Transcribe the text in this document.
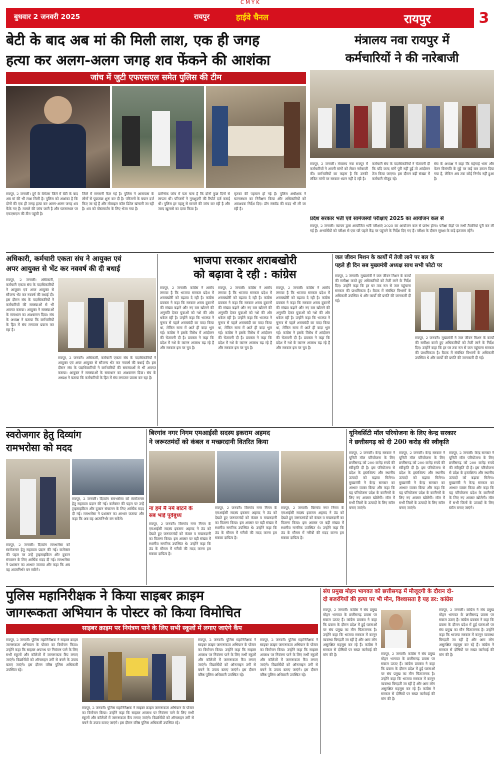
C M Y K
बुधवार 2 जनवरी 2025	रायपुर	हाईवे चैनल	रायपुर	3
बेटी के बाद अब मां की मिली लाश, एक ही जगह
हत्या कर अलग-अलग जगह शव फेंकने की आशंका
जांच में जुटी एफएसएल समेत पुलिस की टीम
रायपुर, 2 जनवरी। दुर्ग के बेमेतरा जिले में बेटी के बाद अब मां की भी लाश मिली है। पुलिस को आशंका है कि दोनों की एक ही जगह हत्या कर अलग-अलग जगह शव फेंके गए हैं। मामले की जांच जारी है और घटनास्थल पर एफएसएल की टीम पहुंची है।
जिले में सनसनी फैल गई है। पुलिस ने आसपास के लोगों से पूछताछ शुरू कर दी है। परिजनों के बयान दर्ज किए जा रहे हैं और मोबाइल कॉल डिटेल खंगाली जा रही है। शव को पोस्टमार्टम के लिए भेजा गया है।
प्रारंभिक जांच में पता चला है कि दोनों कुछ दिनों से लापता थीं। परिजनों ने गुमशुदगी की रिपोर्ट दर्ज कराई थी। पुलिस हर पहलू से मामले की जांच कर रही है और जल्द खुलासे का दावा किया है।
मृतका की पहचान हो गई है। पुलिस अधीक्षक ने घटनास्थल का निरीक्षण किया और अधिकारियों को आवश्यक निर्देश दिए। डॉग स्क्वॉड की मदद भी ली जा रही है।
मंत्रालय नवा रायपुर में
कर्मचारियों ने की नारेबाजी
रायपुर, 2 जनवरी। मंत्रालय नवा रायपुर में कर्मचारियों ने अपनी मांगों को लेकर नारेबाजी की। कर्मचारियों का कहना है कि उनकी लंबित मांगों पर सरकार ध्यान नहीं दे रही है।
कर्मचारी संघ के पदाधिकारियों ने चेतावनी दी कि यदि जल्द मांगें पूरी नहीं हुईं तो आंदोलन तेज किया जाएगा। इस दौरान बड़ी संख्या में कर्मचारी मौजूद रहे।
संघ के अध्यक्ष ने कहा कि महंगाई भत्ता और वेतन विसंगति के मुद्दे पर कई बार ज्ञापन दिया गया है, लेकिन अब तक कोई निर्णय नहीं हुआ है।
प्रदेश सरकार भर्ती एवं सामंजस्यों परीक्षाएं 2025 का आयोजन कल से
रायपुर, 2 जनवरी। व्यापम द्वारा आयोजित भर्ती परीक्षाएं 2025 का आयोजन कल से प्रारंभ होगा। परीक्षा केंद्रों पर सभी तैयारियां पूरी कर ली गई हैं। अभ्यर्थियों को परीक्षा से एक घंटे पहले केंद्र पर पहुंचने के निर्देश दिए गए हैं। परीक्षा के दौरान सुरक्षा के कड़े इंतजाम रहेंगे।
अधिकारी, कर्मचारी एकता संघ ने आयुक्त एवं
अपर आयुक्त से भेंट कर नववर्ष की दी बधाई
रायपुर, 2 जनवरी। अधिकारी, कर्मचारी एकता संघ के पदाधिकारियों ने आयुक्त एवं अपर आयुक्त से सौजन्य भेंट कर नववर्ष की बधाई दी। इस दौरान संघ के पदाधिकारियों ने कर्मचारियों की समस्याओं से भी अवगत कराया। आयुक्त ने समस्याओं के समाधान का आश्वासन दिया। संघ के अध्यक्ष ने बताया कि कर्मचारियों के हित में संघ लगातार प्रयास कर रहा है।
रायपुर, 2 जनवरी। अधिकारी, कर्मचारी एकता संघ के पदाधिकारियों ने आयुक्त एवं अपर आयुक्त से सौजन्य भेंट कर नववर्ष की बधाई दी। इस दौरान संघ के पदाधिकारियों ने कर्मचारियों की समस्याओं से भी अवगत कराया। आयुक्त ने समस्याओं के समाधान का आश्वासन दिया। संघ के अध्यक्ष ने बताया कि कर्मचारियों के हित में संघ लगातार प्रयास कर रहा है।
भाजपा सरकार शराबखोरी
को बढ़ावा दे रही : कांग्रेस
रायपुर, 2 जनवरी। कांग्रेस ने आरोप लगाया है कि भाजपा सरकार प्रदेश में शराबखोरी को बढ़ावा दे रही है। कांग्रेस प्रवक्ता ने कहा कि सरकार शराब दुकानों की संख्या बढ़ाने और नए बार खोलने की अनुमति देकर युवाओं को नशे की ओर धकेल रही है। उन्होंने कहा कि भाजपा ने चुनाव से पहले शराबबंदी का वादा किया था, लेकिन सत्ता में आते ही वादा भूल गई। कांग्रेस ने इसके विरोध में आंदोलन की चेतावनी दी है। प्रवक्ता ने कहा कि प्रदेश में नशे के कारण अपराध बढ़ रहे हैं और सरकार इस पर चुप है।
रायपुर, 2 जनवरी। कांग्रेस ने आरोप लगाया है कि भाजपा सरकार प्रदेश में शराबखोरी को बढ़ावा दे रही है। कांग्रेस प्रवक्ता ने कहा कि सरकार शराब दुकानों की संख्या बढ़ाने और नए बार खोलने की अनुमति देकर युवाओं को नशे की ओर धकेल रही है। उन्होंने कहा कि भाजपा ने चुनाव से पहले शराबबंदी का वादा किया था, लेकिन सत्ता में आते ही वादा भूल गई। कांग्रेस ने इसके विरोध में आंदोलन की चेतावनी दी है। प्रवक्ता ने कहा कि प्रदेश में नशे के कारण अपराध बढ़ रहे हैं और सरकार इस पर चुप है।
रायपुर, 2 जनवरी। कांग्रेस ने आरोप लगाया है कि भाजपा सरकार प्रदेश में शराबखोरी को बढ़ावा दे रही है। कांग्रेस प्रवक्ता ने कहा कि सरकार शराब दुकानों की संख्या बढ़ाने और नए बार खोलने की अनुमति देकर युवाओं को नशे की ओर धकेल रही है। उन्होंने कहा कि भाजपा ने चुनाव से पहले शराबबंदी का वादा किया था, लेकिन सत्ता में आते ही वादा भूल गई। कांग्रेस ने इसके विरोध में आंदोलन की चेतावनी दी है। प्रवक्ता ने कहा कि प्रदेश में नशे के कारण अपराध बढ़ रहे हैं और सरकार इस पर चुप है।
जल जीवन मिशन के कार्यों में तेजी लाने पर बल के
पहले ही दिन सब मुख्यमंत्री अध्यक्ष साथ सभी फोटो पर
रायपुर, 2 जनवरी। मुख्यमंत्री ने जल जीवन मिशन के कार्यों की समीक्षा करते हुए अधिकारियों को तेजी लाने के निर्देश दिए। उन्होंने कहा कि हर घर तक नल से जल पहुंचाना सरकार की प्राथमिकता है। बैठक में संबंधित विभागों के अधिकारी उपस्थित थे और कार्यों की प्रगति की जानकारी दी गई।
रायपुर, 2 जनवरी। मुख्यमंत्री ने जल जीवन मिशन के कार्यों की समीक्षा करते हुए अधिकारियों को तेजी लाने के निर्देश दिए। उन्होंने कहा कि हर घर तक नल से जल पहुंचाना सरकार की प्राथमिकता है। बैठक में संबंधित विभागों के अधिकारी उपस्थित थे और कार्यों की प्रगति की जानकारी दी गई।
स्वरोजगार हेतु दिव्यांग
रामभरोसा को मदद
रायपुर, 2 जनवरी। दिव्यांग रामभरोसा को स्वरोजगार हेतु सहायता प्रदान की गई। कलेक्टर की पहल पर उन्हें ट्राइसाइकिल और दुकान संचालन के लिए आर्थिक मदद दी गई। रामभरोसा ने प्रशासन का आभार जताया और कहा कि अब वह आत्मनिर्भर बन सकेंगे।
रायपुर, 2 जनवरी। दिव्यांग रामभरोसा को स्वरोजगार हेतु सहायता प्रदान की गई। कलेक्टर की पहल पर उन्हें ट्राइसाइकिल और दुकान संचालन के लिए आर्थिक मदद दी गई। रामभरोसा ने प्रशासन का आभार जताया और कहा कि अब वह आत्मनिर्भर बन सकेंगे।
बिरगांव नगर निगम एमआईसी सदस्य इकराम अहमद
ने जरूरतमंदों को कंबल व मच्छरदानी वितरित किया
ना हमें मैं नमें बांटने के
सब भाई पूर्वबुध्य
रायपुर, 2 जनवरी। बिरगांव नगर निगम के एमआईसी सदस्य इकराम अहमद ने ठंड को देखते हुए जरूरतमंदों को कंबल व मच्छरदानी का वितरण किया। इस अवसर पर बड़ी संख्या में स्थानीय नागरिक उपस्थित थे। उन्होंने कहा कि ठंड के मौसम में गरीबों की मदद करना हम सबका दायित्व है।
रायपुर, 2 जनवरी। बिरगांव नगर निगम के एमआईसी सदस्य इकराम अहमद ने ठंड को देखते हुए जरूरतमंदों को कंबल व मच्छरदानी का वितरण किया। इस अवसर पर बड़ी संख्या में स्थानीय नागरिक उपस्थित थे। उन्होंने कहा कि ठंड के मौसम में गरीबों की मदद करना हम सबका दायित्व है।
रायपुर, 2 जनवरी। बिरगांव नगर निगम के एमआईसी सदस्य इकराम अहमद ने ठंड को देखते हुए जरूरतमंदों को कंबल व मच्छरदानी का वितरण किया। इस अवसर पर बड़ी संख्या में स्थानीय नागरिक उपस्थित थे। उन्होंने कहा कि ठंड के मौसम में गरीबों की मदद करना हम सबका दायित्व है।
यूनिवर्सिटी मॉल परियोजना के लिए केन्द्र सरकार
ने छत्तीसगढ़ को दी 200 करोड़ की स्वीकृति
रायपुर, 2 जनवरी। केन्द्र सरकार ने यूनिटी मॉल परियोजना के लिए छत्तीसगढ़ को 200 करोड़ रुपये की स्वीकृति दी है। इस परियोजना से प्रदेश के हस्तशिल्प और स्थानीय उत्पादों को बढ़ावा मिलेगा। मुख्यमंत्री ने केन्द्र सरकार का आभार व्यक्त किया और कहा कि यह परियोजना प्रदेश के कारीगरों के लिए नए अवसर खोलेगी। मॉल में सभी जिलों के उत्पादों के लिए स्टॉल बनाए जाएंगे।
रायपुर, 2 जनवरी। केन्द्र सरकार ने यूनिटी मॉल परियोजना के लिए छत्तीसगढ़ को 200 करोड़ रुपये की स्वीकृति दी है। इस परियोजना से प्रदेश के हस्तशिल्प और स्थानीय उत्पादों को बढ़ावा मिलेगा। मुख्यमंत्री ने केन्द्र सरकार का आभार व्यक्त किया और कहा कि यह परियोजना प्रदेश के कारीगरों के लिए नए अवसर खोलेगी। मॉल में सभी जिलों के उत्पादों के लिए स्टॉल बनाए जाएंगे।
रायपुर, 2 जनवरी। केन्द्र सरकार ने यूनिटी मॉल परियोजना के लिए छत्तीसगढ़ को 200 करोड़ रुपये की स्वीकृति दी है। इस परियोजना से प्रदेश के हस्तशिल्प और स्थानीय उत्पादों को बढ़ावा मिलेगा। मुख्यमंत्री ने केन्द्र सरकार का आभार व्यक्त किया और कहा कि यह परियोजना प्रदेश के कारीगरों के लिए नए अवसर खोलेगी। मॉल में सभी जिलों के उत्पादों के लिए स्टॉल बनाए जाएंगे।
पुलिस महानिरीक्षक ने किया साइबर क्राइम
जागरूकता अभियान के पोस्टर को किया विमोचित
साइबर क्राइम पर नियंत्रण पाने के लिए सभी स्कूलों में लगाए जाएंगे कैंप
रायपुर, 2 जनवरी। पुलिस महानिरीक्षक ने साइबर क्राइम जागरूकता अभियान के पोस्टर का विमोचन किया। उन्होंने कहा कि साइबर अपराध पर नियंत्रण पाने के लिए सभी स्कूलों और कॉलेजों में जागरूकता कैंप लगाए जाएंगे। विद्यार्थियों को ऑनलाइन ठगी से बचने के उपाय बताए जाएंगे। इस दौरान वरिष्ठ पुलिस अधिकारी उपस्थित रहे।
रायपुर, 2 जनवरी। पुलिस महानिरीक्षक ने साइबर क्राइम जागरूकता अभियान के पोस्टर का विमोचन किया। उन्होंने कहा कि साइबर अपराध पर नियंत्रण पाने के लिए सभी स्कूलों और कॉलेजों में जागरूकता कैंप लगाए जाएंगे। विद्यार्थियों को ऑनलाइन ठगी से बचने के उपाय बताए जाएंगे। इस दौरान वरिष्ठ पुलिस अधिकारी उपस्थित रहे।
रायपुर, 2 जनवरी। पुलिस महानिरीक्षक ने साइबर क्राइम जागरूकता अभियान के पोस्टर का विमोचन किया। उन्होंने कहा कि साइबर अपराध पर नियंत्रण पाने के लिए सभी स्कूलों और कॉलेजों में जागरूकता कैंप लगाए जाएंगे। विद्यार्थियों को ऑनलाइन ठगी से बचने के उपाय बताए जाएंगे। इस दौरान वरिष्ठ पुलिस अधिकारी उपस्थित रहे।
रायपुर, 2 जनवरी। पुलिस महानिरीक्षक ने साइबर क्राइम जागरूकता अभियान के पोस्टर का विमोचन किया। उन्होंने कहा कि साइबर अपराध पर नियंत्रण पाने के लिए सभी स्कूलों और कॉलेजों में जागरूकता कैंप लगाए जाएंगे। विद्यार्थियों को ऑनलाइन ठगी से बचने के उपाय बताए जाएंगे। इस दौरान वरिष्ठ पुलिस अधिकारी उपस्थित रहे।
संघ प्रमुख मोहन भागवत को छत्तीसगढ़ में मौजूदगी के दौरान दो-
दो बजरंगियों की हत्या पर भी मौन, विश्वासता है यह डर: कांग्रेस
रायपुर, 2 जनवरी। कांग्रेस ने संघ प्रमुख मोहन भागवत के छत्तीसगढ़ प्रवास पर सवाल उठाए हैं। कांग्रेस प्रवक्ता ने कहा कि प्रवास के दौरान प्रदेश में हुई घटनाओं पर संघ प्रमुख का मौन चिंताजनक है। उन्होंने कहा कि भाजपा सरकार में कानून व्यवस्था बिगड़ती जा रही है और आम लोग असुरक्षित महसूस कर रहे हैं। कांग्रेस ने सरकार से दोषियों पर सख्त कार्रवाई की मांग की है।	रायपुर, 2 जनवरी। कांग्रेस ने संघ प्रमुख मोहन भागवत के छत्तीसगढ़ प्रवास पर सवाल उठाए हैं। कांग्रेस प्रवक्ता ने कहा कि प्रवास के दौरान प्रदेश में हुई घटनाओं पर संघ प्रमुख का मौन चिंताजनक है। उन्होंने कहा कि भाजपा सरकार में कानून व्यवस्था बिगड़ती जा रही है और आम लोग असुरक्षित महसूस कर रहे हैं। कांग्रेस ने सरकार से दोषियों पर सख्त कार्रवाई की मांग की है।
रायपुर, 2 जनवरी। कांग्रेस ने संघ प्रमुख मोहन भागवत के छत्तीसगढ़ प्रवास पर सवाल उठाए हैं। कांग्रेस प्रवक्ता ने कहा कि प्रवास के दौरान प्रदेश में हुई घटनाओं पर संघ प्रमुख का मौन चिंताजनक है। उन्होंने कहा कि भाजपा सरकार में कानून व्यवस्था बिगड़ती जा रही है और आम लोग असुरक्षित महसूस कर रहे हैं। कांग्रेस ने सरकार से दोषियों पर सख्त कार्रवाई की मांग की है।
